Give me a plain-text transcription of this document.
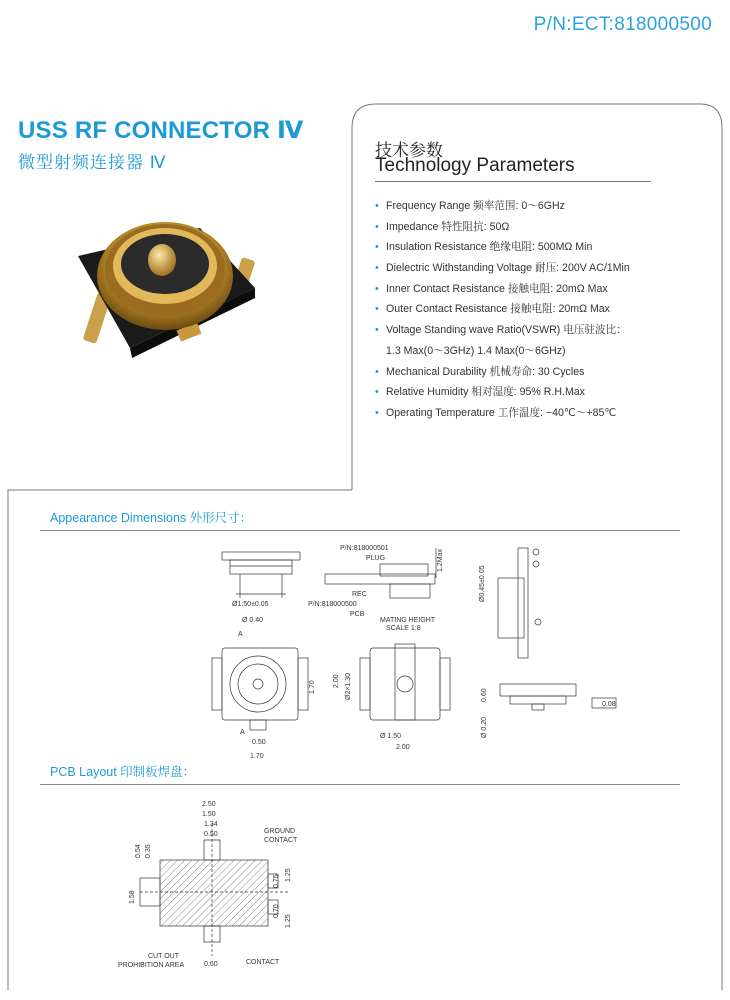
P/N:ECT:818000500
USS RF CONNECTOR Ⅳ
微型射频连接器 Ⅳ
技术参数
Technology Parameters
• Frequency Range 频率范围: 0～6GHz
• Impedance 特性阻抗: 50Ω
• Insulation Resistance 绝缘电阻: 500MΩ Min
• Dielectric Withstanding Voltage 耐压: 200V AC/1Min
• Inner Contact Resistance 接触电阻: 20mΩ Max
• Outer Contact Resistance 接触电阻: 20mΩ Max
• Voltage Standing wave Ratio(VSWR) 电压驻波比：
1.3 Max(0～3GHz) 1.4 Max(0～6GHz)
• Mechanical Durability 机械寿命: 30 Cycles
• Relative Humidity 相对湿度: 95% R.H.Max
• Operating Temperature 工作温度: −40℃～+85℃
Appearance Dimensions 外形尺寸：
Ø1.50±0.05
P/N:818000501
PLUG
REC
P/N:818000500
PCB
MATING HEIGHT
SCALE 1:8
1.2Max
Ø0.45±0.05
Ø 0.40
A
A
0.50
1.70
1.70	Ø2×1.30
2.00
Ø 1.50
2.00
0.60
Ø 0.20
0.08
PCB Layout 印制板焊盘：
2.50
1.50
1.34
0.50
0.54 0.35
1.58
0.75
0.70
1.25
1.25
GROUND
CONTACT
CUT OUT
PROHIBITION AREA	0.60	CONTACT
